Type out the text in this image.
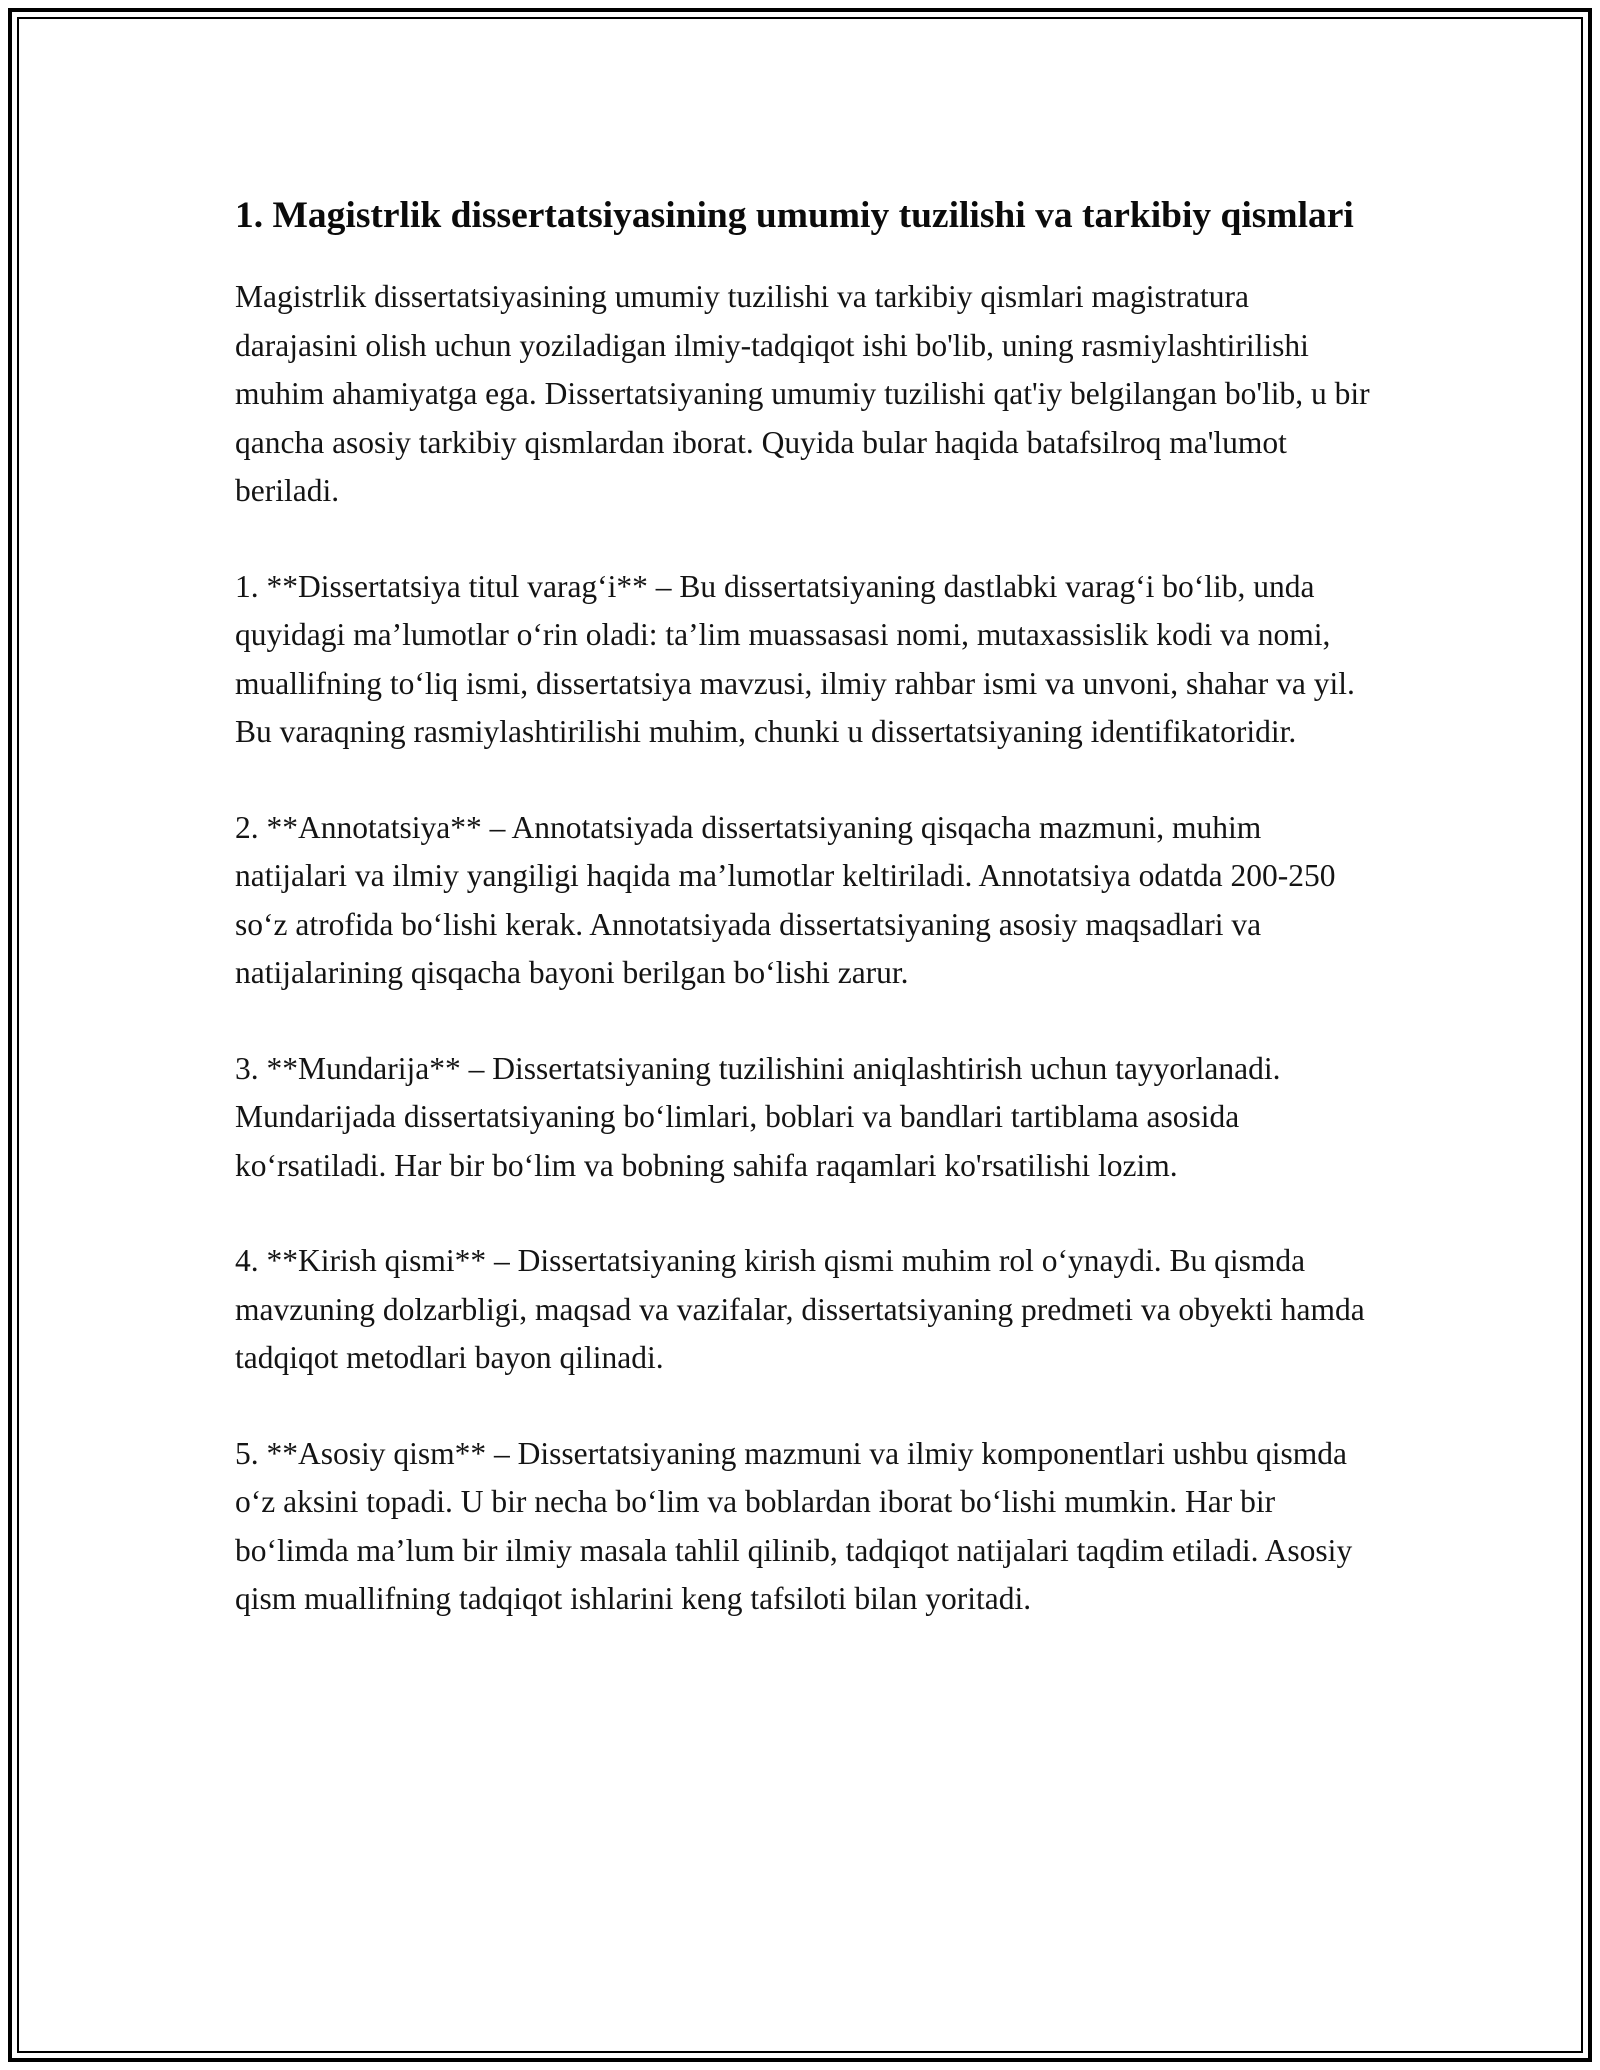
1. Magistrlik dissertatsiyasining umumiy tuzilishi va tarkibiy qismlari

Magistrlik dissertatsiyasining umumiy tuzilishi va tarkibiy qismlari magistratura darajasini olish uchun yoziladigan ilmiy-tadqiqot ishi bo'lib, uning rasmiylashtirilishi muhim ahamiyatga ega. Dissertatsiyaning umumiy tuzilishi qat'iy belgilangan bo'lib, u bir qancha asosiy tarkibiy qismlardan iborat. Quyida bular haqida batafsilroq ma'lumot beriladi.

1. **Dissertatsiya titul varag‘i** – Bu dissertatsiyaning dastlabki varag‘i bo‘lib, unda quyidagi ma’lumotlar o‘rin oladi: ta’lim muassasasi nomi, mutaxassislik kodi va nomi, muallifning to‘liq ismi, dissertatsiya mavzusi, ilmiy rahbar ismi va unvoni, shahar va yil. Bu varaqning rasmiylashtirilishi muhim, chunki u dissertatsiyaning identifikatoridir.

2. **Annotatsiya** – Annotatsiyada dissertatsiyaning qisqacha mazmuni, muhim natijalari va ilmiy yangiligi haqida ma’lumotlar keltiriladi. Annotatsiya odatda 200-250 so‘z atrofida bo‘lishi kerak. Annotatsiyada dissertatsiyaning asosiy maqsadlari va natijalarining qisqacha bayoni berilgan bo‘lishi zarur.

3. **Mundarija** – Dissertatsiyaning tuzilishini aniqlashtirish uchun tayyorlanadi. Mundarijada dissertatsiyaning bo‘limlari, boblari va bandlari tartiblama asosida ko‘rsatiladi. Har bir bo‘lim va bobning sahifa raqamlari ko'rsatilishi lozim.

4. **Kirish qismi** – Dissertatsiyaning kirish qismi muhim rol o‘ynaydi. Bu qismda mavzuning dolzarbligi, maqsad va vazifalar, dissertatsiyaning predmeti va obyekti hamda tadqiqot metodlari bayon qilinadi.

5. **Asosiy qism** – Dissertatsiyaning mazmuni va ilmiy komponentlari ushbu qismda o‘z aksini topadi. U bir necha bo‘lim va boblardan iborat bo‘lishi mumkin. Har bir bo‘limda ma’lum bir ilmiy masala tahlil qilinib, tadqiqot natijalari taqdim etiladi. Asosiy qism muallifning tadqiqot ishlarini keng tafsiloti bilan yoritadi.
